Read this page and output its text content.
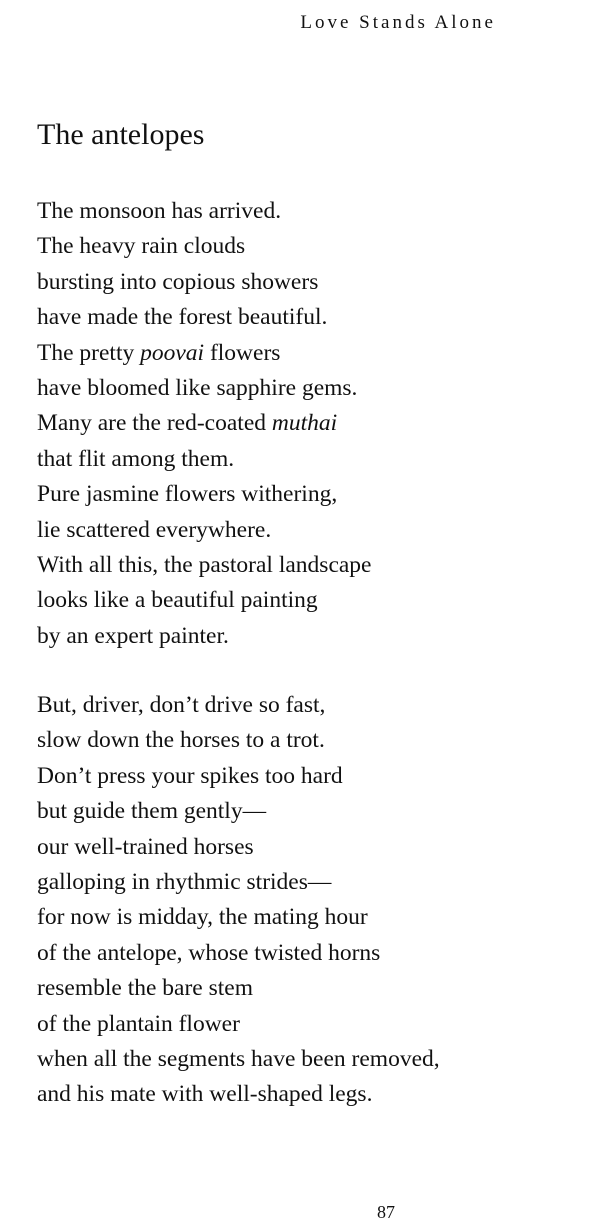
Love Stands Alone
The antelopes
The monsoon has arrived.
The heavy rain clouds
bursting into copious showers
have made the forest beautiful.
The pretty poovai flowers
have bloomed like sapphire gems.
Many are the red-coated muthai
that flit among them.
Pure jasmine flowers withering,
lie scattered everywhere.
With all this, the pastoral landscape
looks like a beautiful painting
by an expert painter.
But, driver, don’t drive so fast,
slow down the horses to a trot.
Don’t press your spikes too hard
but guide them gently—
our well-trained horses
galloping in rhythmic strides—
for now is midday, the mating hour
of the antelope, whose twisted horns
resemble the bare stem
of the plantain flower
when all the segments have been removed,
and his mate with well-shaped legs.
87
